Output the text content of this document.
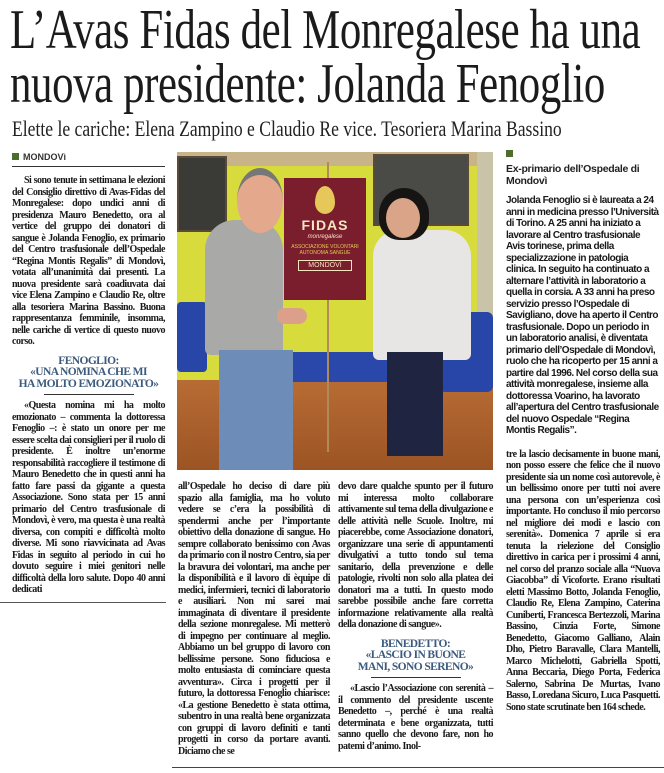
L’Avas Fidas del Monregalese ha una
nuova presidente: Jolanda Fenoglio
Elette le cariche: Elena Zampino e Claudio Re vice. Tesoriera Marina Bassino
MONDOVì

Si sono tenute in settimana le elezioni del Consiglio direttivo di Avas-Fidas del Monregalese: dopo undici anni di presidenza Mauro Benedetto, ora al vertice del gruppo dei donatori di sangue è Jolanda Fenoglio, ex primario del Centro trasfusionale dell’Ospedale “Regina Montis Regalis” di Mondovì, votata all’unanimità dai presenti. La nuova presidente sarà coadiuvata dai vice Elena Zampino e Claudio Re, oltre alla tesoriera Marina Bassino. Buona rappresentanza femminile, insomma, nelle cariche di vertice di questo nuovo corso.

FENOGLIO:
«UNA NOMINA CHE MI
HA MOLTO EMOZIONATO»

«Questa nomina mi ha molto emozionato – commenta la dottoressa Fenoglio –: è stato un onore per me essere scelta dai consiglieri per il ruolo di presidente. È inoltre un’enorme responsabilità raccogliere il testimone di Mauro Benedetto che in questi anni ha fatto fare passi da gigante a questa Associazione. Sono stata per 15 anni primario del Centro trasfusionale di Mondovì, è vero, ma questa è una realtà diversa, con compiti e difficoltà molto diverse. Mi sono riavvicinata ad Avas Fidas in seguito al periodo in cui ho dovuto seguire i miei genitori nelle difficoltà della loro salute. Dopo 40 anni dedicati

FIDAS
monregalese
ASSOCIAZIONE VOLONTARI AUTONOMA SANGUE
MONDOVì

all’Ospedale ho deciso di dare più spazio alla famiglia, ma ho voluto vedere se c’era la possibilità di spendermi anche per l’importante obiettivo della donazione di sangue. Ho sempre collaborato benissimo con Avas da primario con il nostro Centro, sia per la bravura dei volontari, ma anche per la disponibilità e il lavoro di èquipe di medici, infermieri, tecnici di laboratorio e ausiliari. Non mi sarei mai immaginata di diventare il presidente della sezione monregalese. Mi metterò di impegno per continuare al meglio. Abbiamo un bel gruppo di lavoro con bellissime persone. Sono fiduciosa e molto entusiasta di cominciare questa avventura». Circa i progetti per il futuro, la dottoressa Fenoglio chiarisce: «La gestione Benedetto è stata ottima, subentro in una realtà bene organizzata con gruppi di lavoro definiti e tanti progetti in corso da portare avanti. Diciamo che se

devo dare qualche spunto per il futuro mi interessa molto collaborare attivamente sul tema della divulgazione e delle attività nelle Scuole. Inoltre, mi piacerebbe, come Associazione donatori, organizzare una serie di appuntamenti divulgativi a tutto tondo sul tema sanitario, della prevenzione e delle patologie, rivolti non solo alla platea dei donatori ma a tutti. In questo modo sarebbe possibile anche fare corretta informazione relativamente alla realtà della donazione di sangue».

BENEDETTO:
«LASCIO IN BUONE
MANI, SONO SERENO»

«Lascio l’Associazione con serenità – il commento del presidente uscente Benedetto –, perché è una realtà determinata e bene organizzata, tutti sanno quello che devono fare, non ho patemi d’animo. Inol-

Ex-primario dell’Ospedale di Mondovì
Jolanda Fenoglio si è laureata a 24 anni in medicina presso l’Università di Torino. A 25 anni ha iniziato a lavorare al Centro trasfusionale Avis torinese, prima della specializzazione in patologia clinica. In seguito ha continuato a alternare l’attività in laboratorio a quella in corsia. A 33 anni ha preso servizio presso l’Ospedale di Savigliano, dove ha aperto il Centro trasfusionale. Dopo un periodo in un laboratorio analisi, è diventata primario dell’Ospedale di Mondovì, ruolo che ha ricoperto per 15 anni a partire dal 1996. Nel corso della sua attività monregalese, insieme alla dottoressa Voarino, ha lavorato all’apertura del Centro trasfusionale del nuovo Ospedale “Regina Montis Regalis”.

tre la lascio decisamente in buone mani, non posso essere che felice che il nuovo presidente sia un nome così autorevole, è un bellissimo onore per tutti noi avere una persona con un’esperienza così importante. Ho concluso il mio percorso nel migliore dei modi e lascio con serenità». Domenica 7 aprile si era tenuta la rielezione del Consiglio direttivo in carica per i prossimi 4 anni, nel corso del pranzo sociale alla “Nuova Giacobba” di Vicoforte. Erano risultati eletti Massimo Botto, Jolanda Fenoglio, Claudio Re, Elena Zampino, Caterina Cuniberti, Francesca Bertezzoli, Marina Bassino, Cinzia Forte, Simone Benedetto, Giacomo Galliano, Alain Dho, Pietro Baravalle, Clara Mantelli, Marco Michelotti, Gabriella Spotti, Anna Beccaria, Diego Porta, Federica Salerno, Sabrina De Murtas, Ivano Basso, Loredana Sicuro, Luca Pasquetti. Sono state scrutinate ben 164 schede.
